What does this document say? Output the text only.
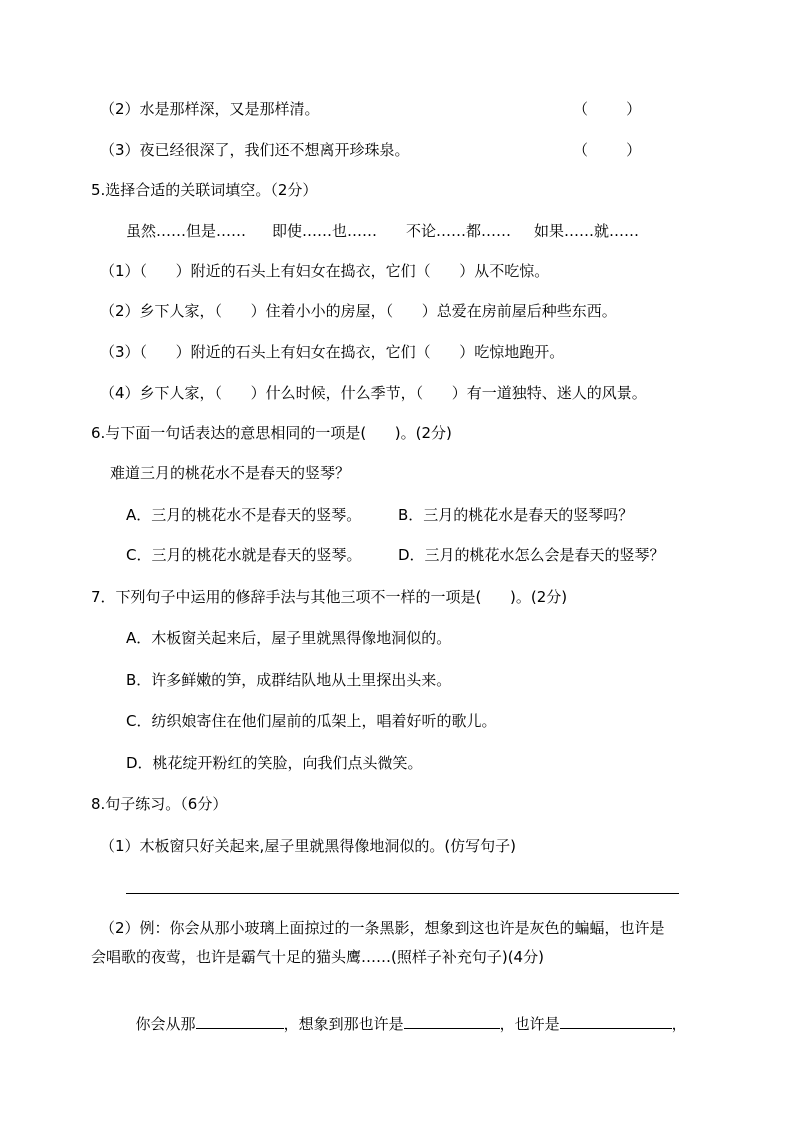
（2）水是那样深，又是那样清。	（        ）
（3）夜已经很深了，我们还不想离开珍珠泉。	（        ）
5.选择合适的关联词填空。（2分）
虽然……但是…… 即使……也…… 不论……都…… 如果……就……
（1）（      ）附近的石头上有妇女在捣衣，它们（      ）从不吃惊。
（2）乡下人家，（      ）住着小小的房屋，（      ）总爱在房前屋后种些东西。
（3）（      ）附近的石头上有妇女在捣衣，它们（      ）吃惊地跑开。
（4）乡下人家，（      ）什么时候，什么季节，（      ）有一道独特、迷人的风景。
6.与下面一句话表达的意思相同的一项是(      )。(2分)
难道三月的桃花水不是春天的竖琴？
A．三月的桃花水不是春天的竖琴。 B．三月的桃花水是春天的竖琴吗？
C．三月的桃花水就是春天的竖琴。 D．三月的桃花水怎么会是春天的竖琴？
7．下列句子中运用的修辞手法与其他三项不一样的一项是(      )。(2分)
A．木板窗关起来后，屋子里就黑得像地洞似的。
B．许多鲜嫩的笋，成群结队地从土里探出头来。
C．纺织娘寄住在他们屋前的瓜架上，唱着好听的歌儿。
D．桃花绽开粉红的笑脸，向我们点头微笑。
8.句子练习。（6分）
（1）木板窗只好关起来,屋子里就黑得像地洞似的。(仿写句子)
（2）例：你会从那小玻璃上面掠过的一条黑影，想象到这也许是灰色的蝙蝠，也许是
会唱歌的夜莺，也许是霸气十足的猫头鹰……(照样子补充句子)(4分)

你会从那	，想象到那也许是	，也许是	，
